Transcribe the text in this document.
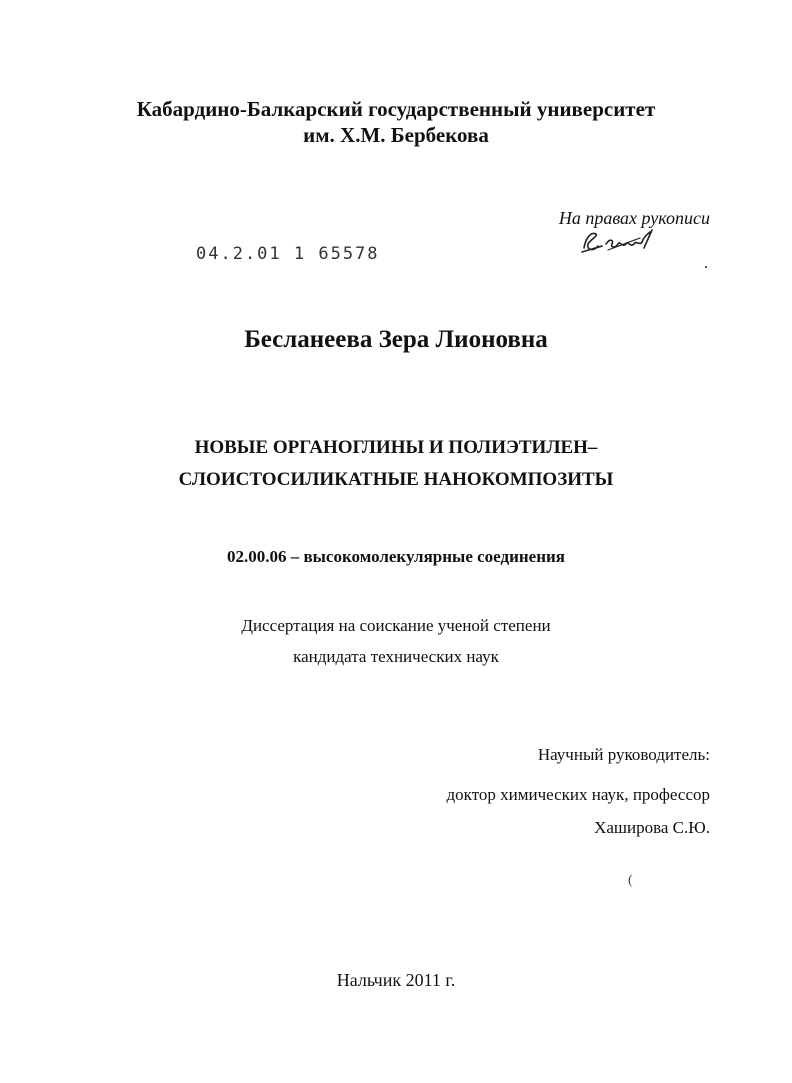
Кабардино-Балкарский государственный университет
им. Х.М. Бербекова
На правах рукописи
04.2.01 1 65578
Бесланеева Зера Лионовна
НОВЫЕ ОРГАНОГЛИНЫ И ПОЛИЭТИЛЕН–
СЛОИСТОСИЛИКАТНЫЕ НАНОКОМПОЗИТЫ
02.00.06 – высокомолекулярные соединения
Диссертация на соискание ученой степени
кандидата технических наук
Научный руководитель:
доктор химических наук, профессор
Хаширова С.Ю.
(
Нальчик 2011 г.
